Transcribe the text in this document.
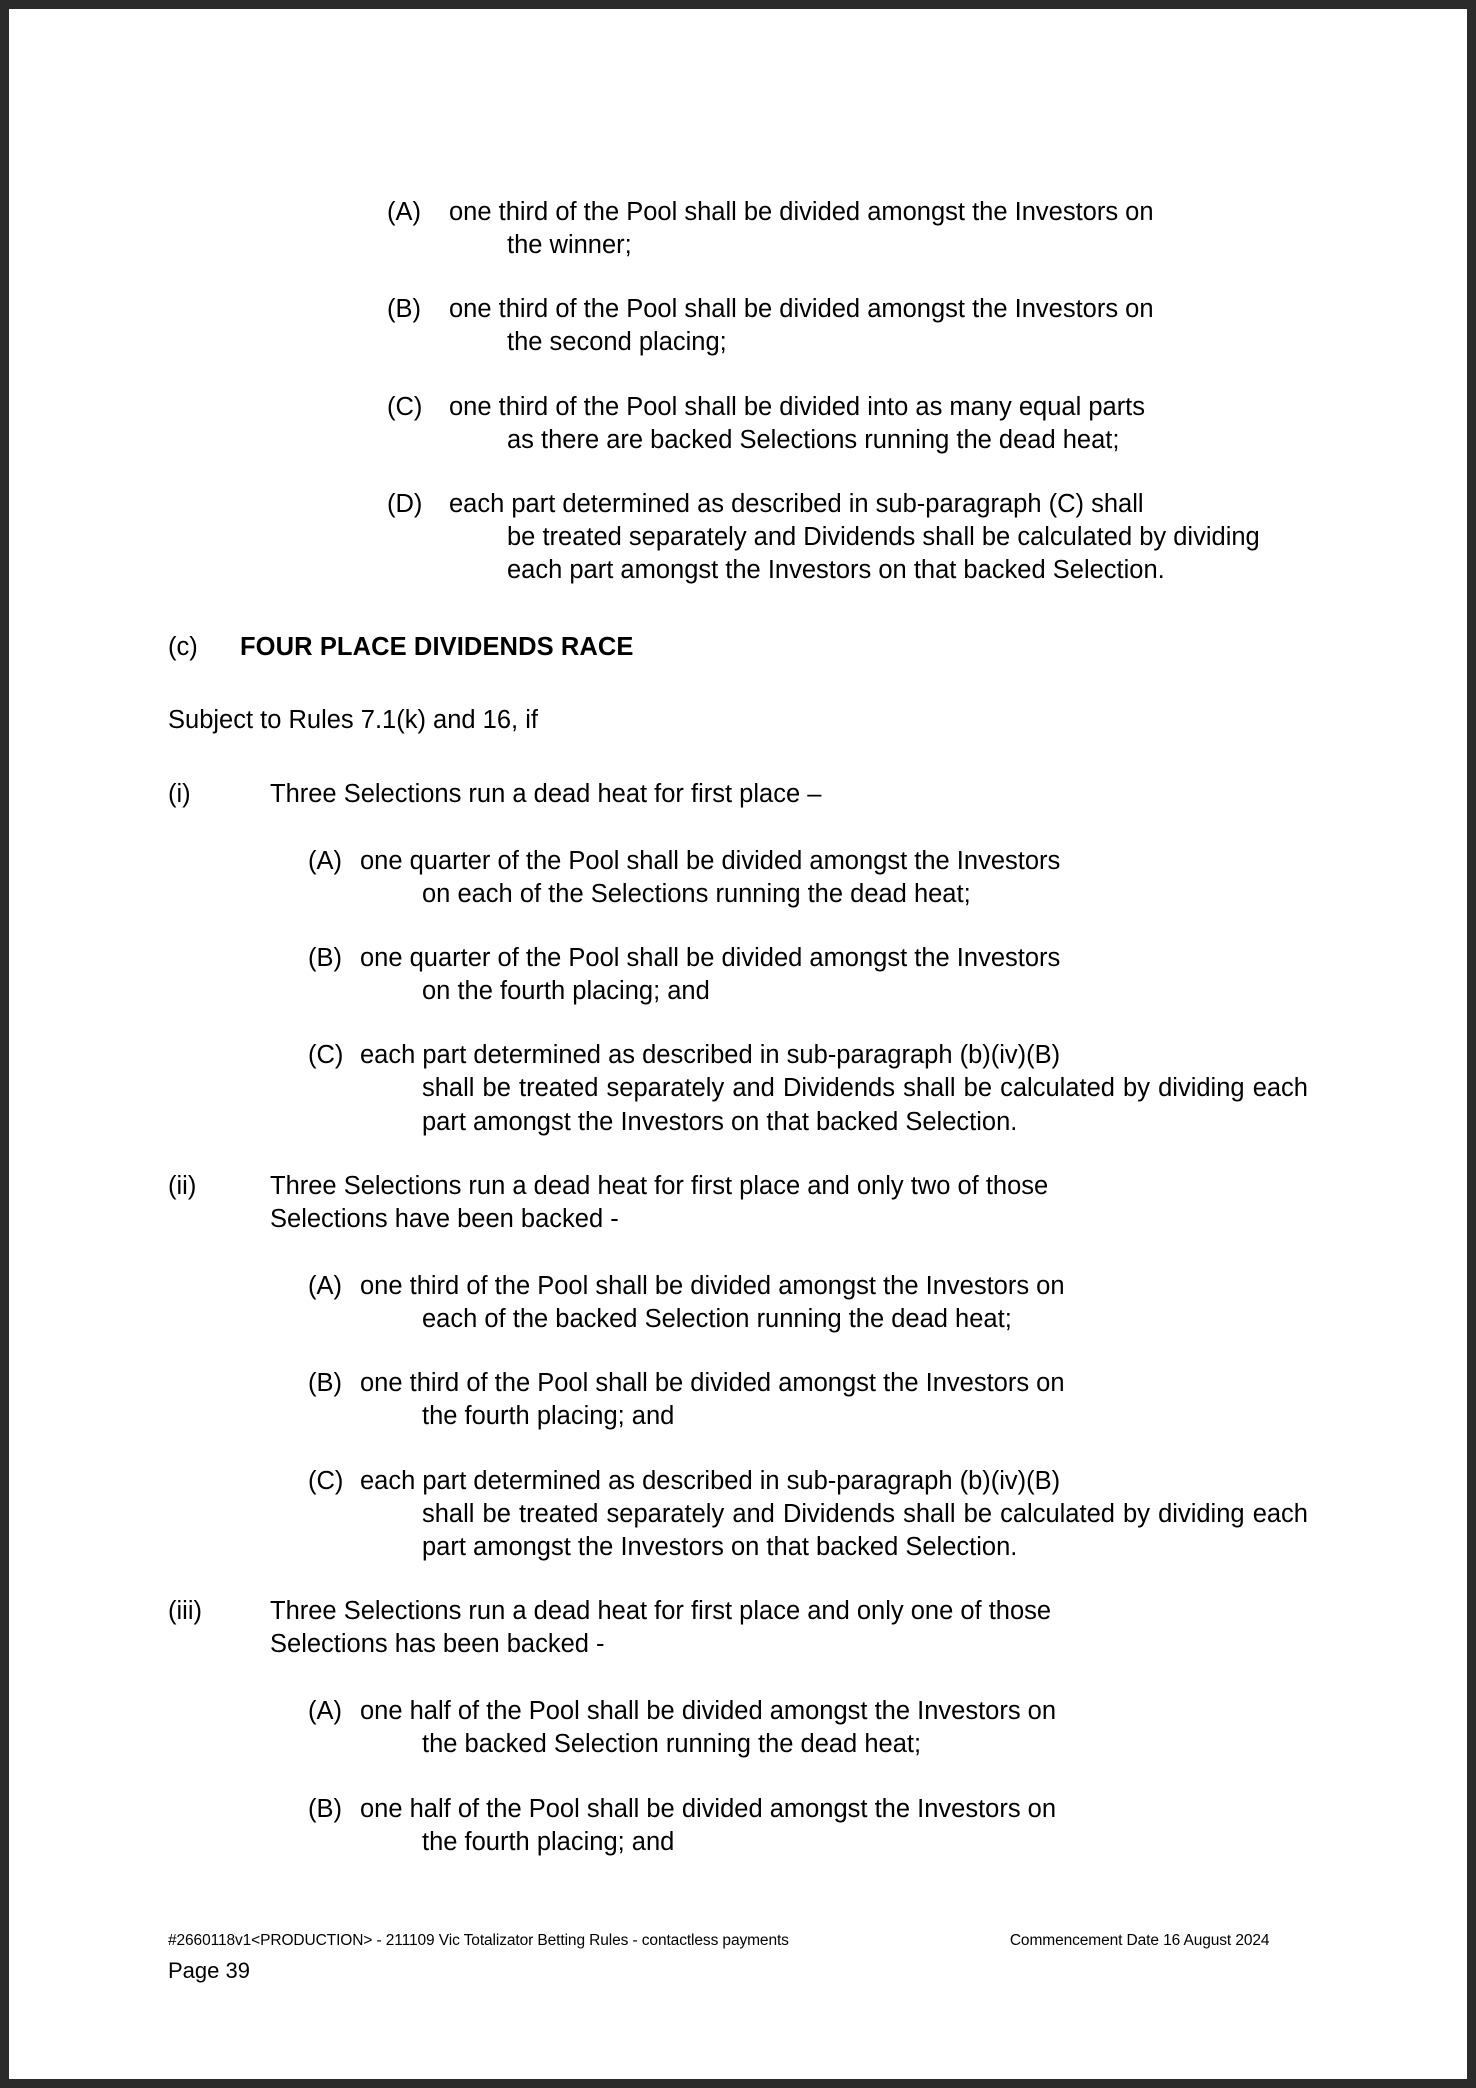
(A)	one third of the Pool shall be divided amongst the Investors on
the winner;
(B)	one third of the Pool shall be divided amongst the Investors on
the second placing;
(C)	one third of the Pool shall be divided into as many equal parts
as there are backed Selections running the dead heat;
(D)	each part determined as described in sub-paragraph (C) shall
be treated separately and Dividends shall be calculated by dividing each part amongst the Investors on that backed Selection.
(c) FOUR PLACE DIVIDENDS RACE
Subject to Rules 7.1(k) and 16, if
(i)	Three Selections run a dead heat for first place –
(A) one quarter of the Pool shall be divided amongst the Investors
on each of the Selections running the dead heat;
(B) one quarter of the Pool shall be divided amongst the Investors
on the fourth placing; and
(C) each part determined as described in sub-paragraph (b)(iv)(B)
shall be treated separately and Dividends shall be calculated by dividing each part amongst the Investors on that backed Selection.
(ii)	Three Selections run a dead heat for first place and only two of those Selections have been backed -
(A) one third of the Pool shall be divided amongst the Investors on
each of the backed Selection running the dead heat;
(B) one third of the Pool shall be divided amongst the Investors on
the fourth placing; and
(C) each part determined as described in sub-paragraph (b)(iv)(B)
shall be treated separately and Dividends shall be calculated by dividing each part amongst the Investors on that backed Selection.
(iii)	Three Selections run a dead heat for first place and only one of those Selections has been backed -
(A) one half of the Pool shall be divided amongst the Investors on
the backed Selection running the dead heat;
(B) one half of the Pool shall be divided amongst the Investors on
the fourth placing; and
#2660118v1<PRODUCTION> - 211109 Vic Totalizator Betting Rules - contactless payments	Commencement Date 16 August 2024
Page 39
